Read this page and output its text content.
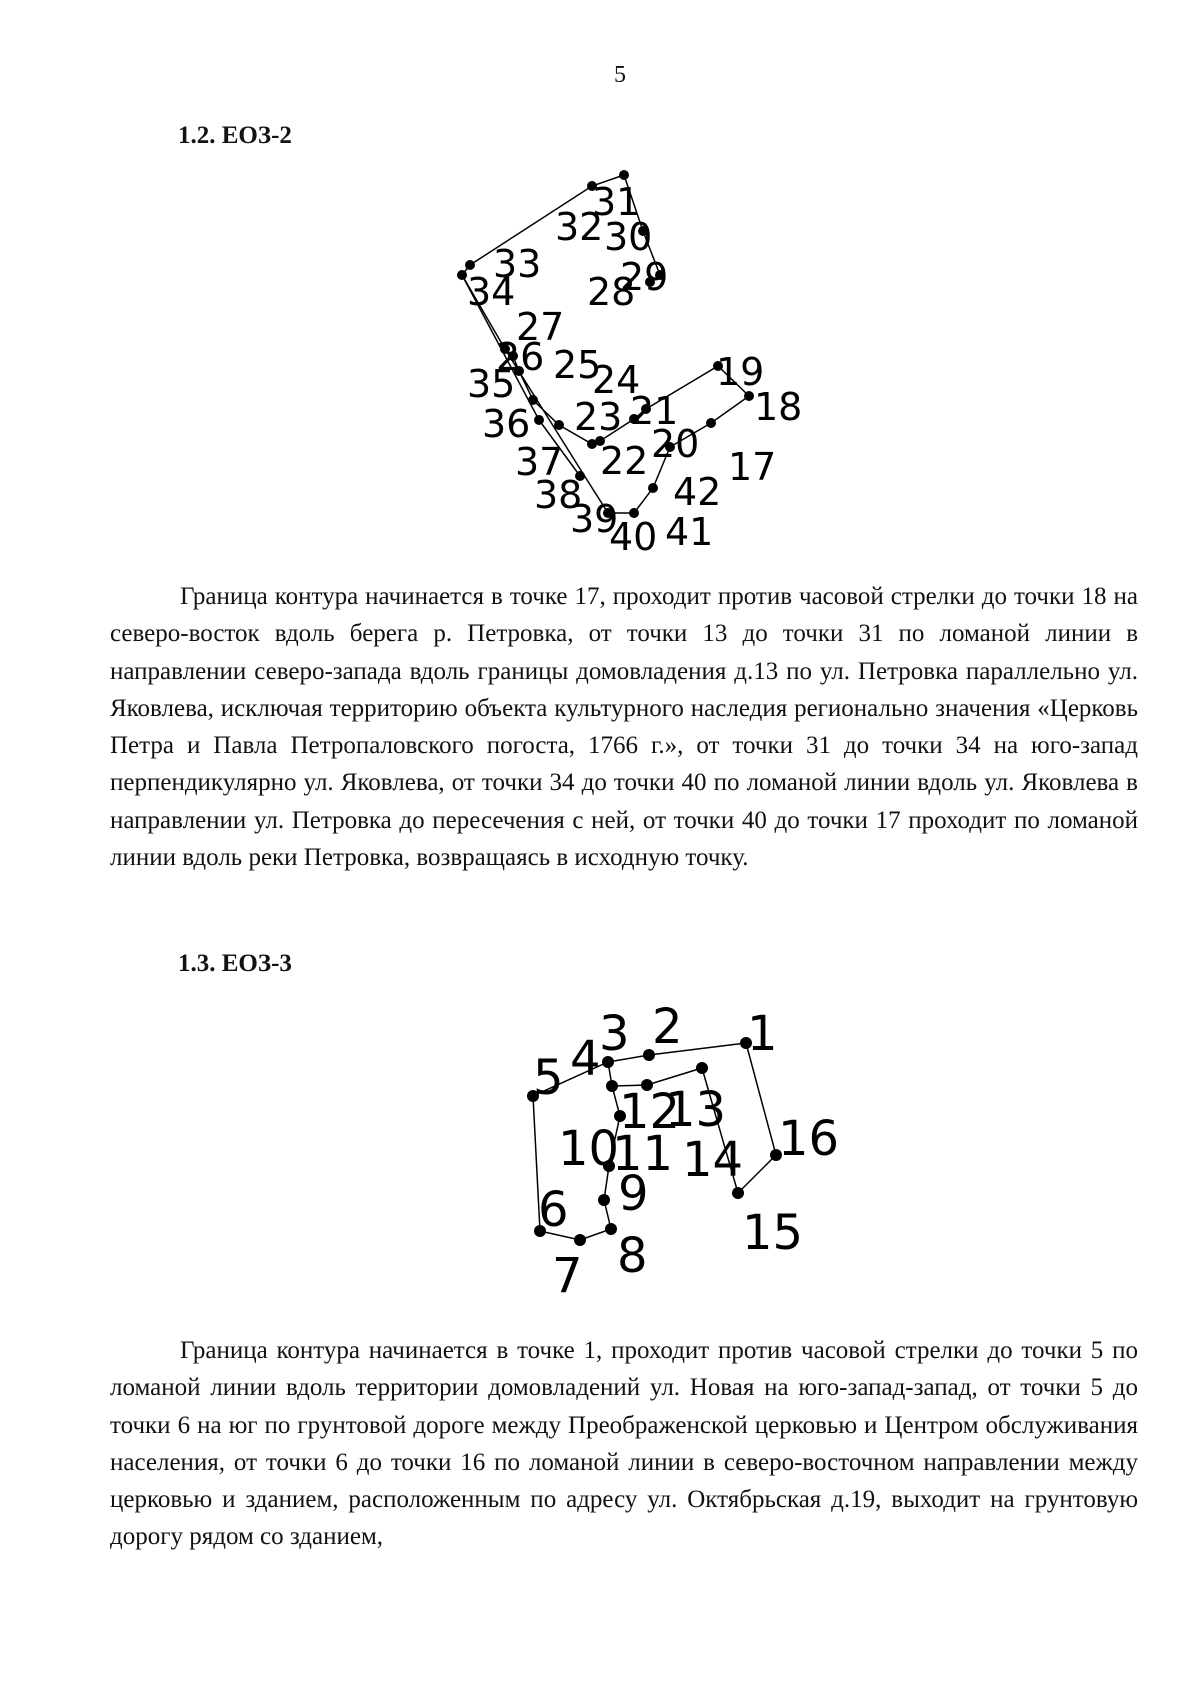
5
1.2. ЕОЗ-2
17
18
19
20
21
22
23
24
25
26
27
28
29
30
31
32
33
34
35
36
37
38
39
40 41
42

Граница контура начинается в точке 17, проходит против часовой стрелки до точки 18 на северо-восток вдоль берега р. Петровка, от точки 13 до точки 31 по ломаной линии в направлении северо-запада вдоль границы домовладения д.13 по ул. Петровка параллельно ул. Яковлева, исключая территорию объекта культурного наследия регионально значения «Церковь Петра и Павла Петропаловского погоста, 1766 г.», от точки 31 до точки 34 на юго-запад перпендикулярно ул. Яковлева, от точки 34 до точки 40 по ломаной линии вдоль ул. Яковлева в направлении ул. Петровка до пересечения с ней, от точки 40 до точки 17 проходит по ломаной линии вдоль реки Петровка, возвращаясь в исходную точку.

1.3. ЕОЗ-3
1
2
3
4
5
6
7 8
9
10
11
12
13
14
15
16

Граница контура начинается в точке 1, проходит против часовой стрелки до точки 5 по ломаной линии вдоль территории домовладений ул. Новая на юго-запад-запад, от точки 5 до точки 6 на юг по грунтовой дороге между Преображенской церковью и Центром обслуживания населения, от точки 6 до точки 16 по ломаной линии в северо-восточном направлении между церковью и зданием, расположенным по адресу ул. Октябрьская д.19, выходит на грунтовую дорогу рядом со зданием,
